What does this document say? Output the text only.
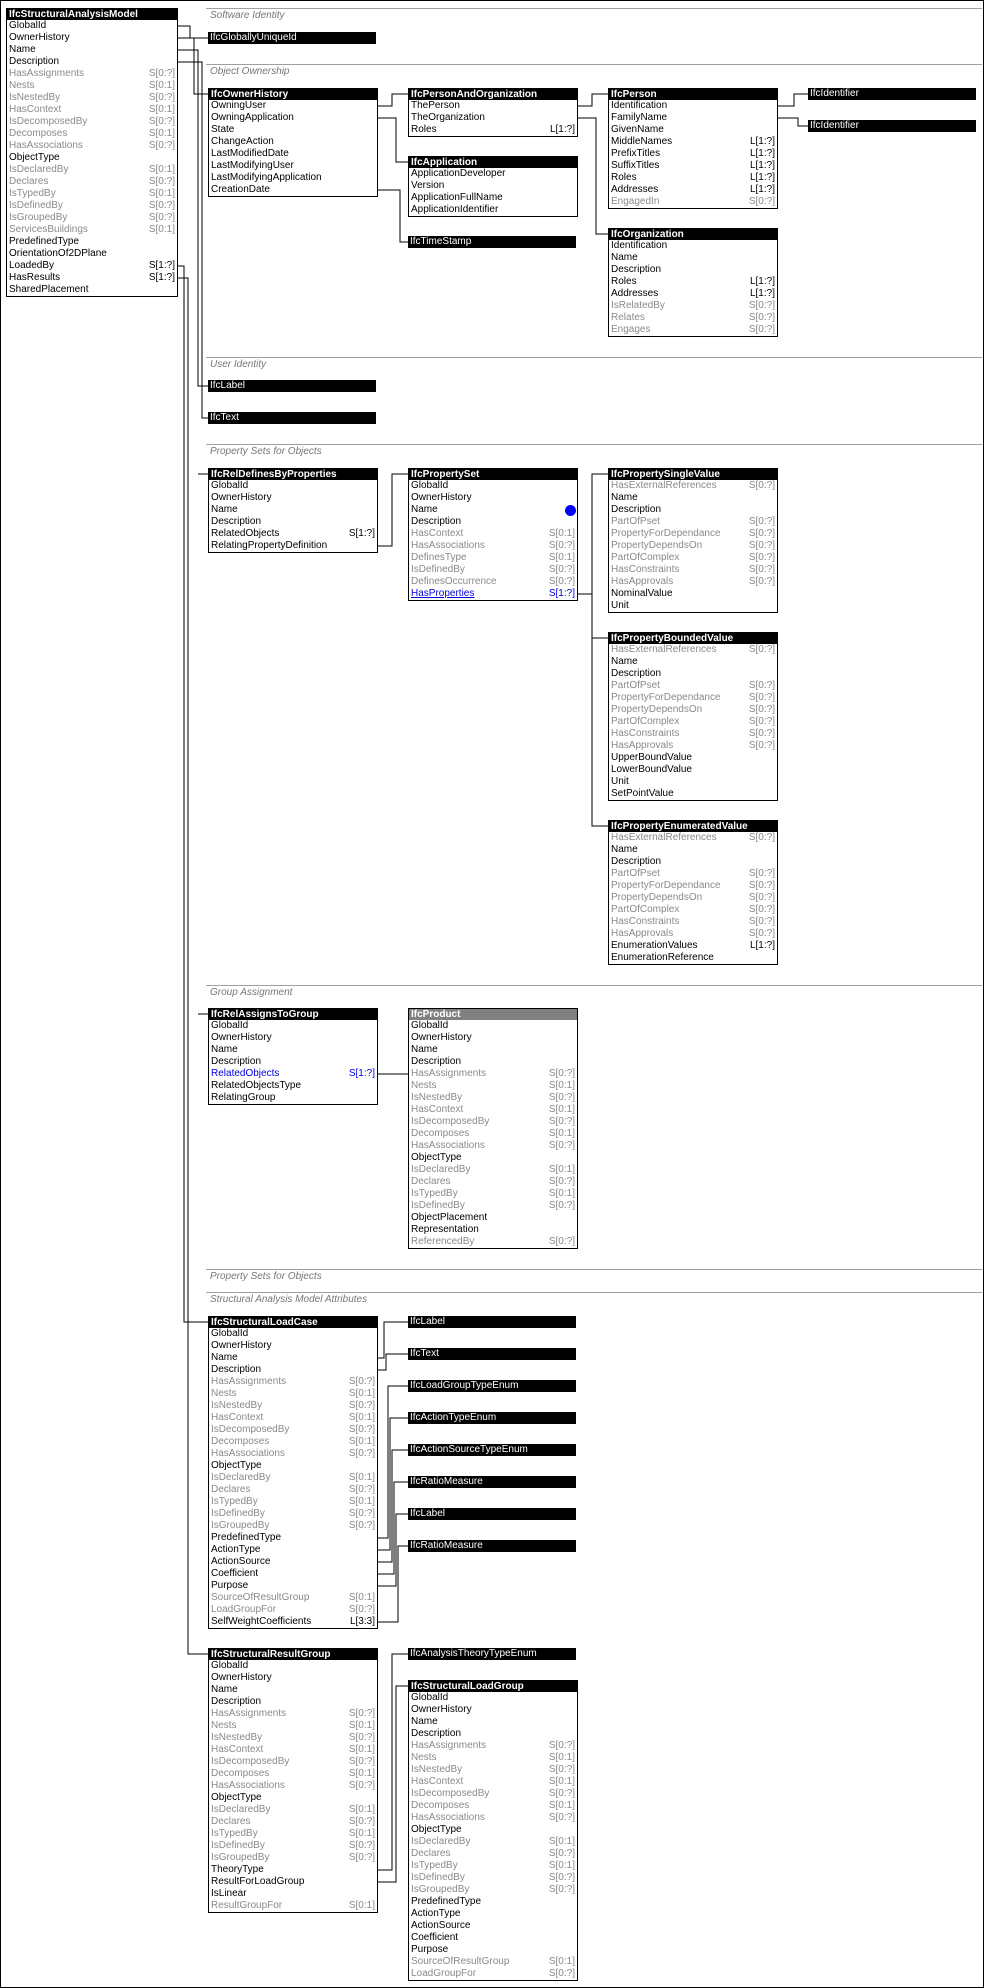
Software Identity
Object Ownership
User Identity
Property Sets for Objects
Group Assignment
Property Sets for Objects
Structural Analysis Model Attributes
IfcStructuralAnalysisModel
GlobalId
OwnerHistory
Name
Description
HasAssignments	S[0:?]
Nests	S[0:1]
IsNestedBy	S[0:?]
HasContext	S[0:1]
IsDecomposedBy	S[0:?]
Decomposes	S[0:1]
HasAssociations	S[0:?]
ObjectType
IsDeclaredBy	S[0:1]
Declares	S[0:?]
IsTypedBy	S[0:1]
IsDefinedBy	S[0:?]
IsGroupedBy	S[0:?]
ServicesBuildings	S[0:1]
PredefinedType
OrientationOf2DPlane
LoadedBy	S[1:?]
HasResults	S[1:?]
SharedPlacement
IfcOwnerHistory
OwningUser
OwningApplication
State
ChangeAction
LastModifiedDate
LastModifyingUser
LastModifyingApplication
CreationDate
IfcPersonAndOrganization
ThePerson
TheOrganization
Roles	L[1:?]
IfcApplication
ApplicationDeveloper
Version
ApplicationFullName
ApplicationIdentifier
IfcPerson
Identification
FamilyName
GivenName
MiddleNames	L[1:?]
PrefixTitles	L[1:?]
SuffixTitles	L[1:?]
Roles	L[1:?]
Addresses	L[1:?]
EngagedIn	S[0:?]
IfcOrganization
Identification
Name
Description
Roles	L[1:?]
Addresses	L[1:?]
IsRelatedBy	S[0:?]
Relates	S[0:?]
Engages	S[0:?]
IfcRelDefinesByProperties
GlobalId
OwnerHistory
Name
Description
RelatedObjects	S[1:?]
RelatingPropertyDefinition
IfcPropertySet
GlobalId
OwnerHistory
Name
Description
HasContext	S[0:1]
HasAssociations	S[0:?]
DefinesType	S[0:1]
IsDefinedBy	S[0:?]
DefinesOccurrence	S[0:?]
HasProperties	S[1:?]
IfcPropertySingleValue
HasExternalReferences	S[0:?]
Name
Description
PartOfPset	S[0:?]
PropertyForDependance	S[0:?]
PropertyDependsOn	S[0:?]
PartOfComplex	S[0:?]
HasConstraints	S[0:?]
HasApprovals	S[0:?]
NominalValue
Unit
IfcPropertyBoundedValue
HasExternalReferences	S[0:?]
Name
Description
PartOfPset	S[0:?]
PropertyForDependance	S[0:?]
PropertyDependsOn	S[0:?]
PartOfComplex	S[0:?]
HasConstraints	S[0:?]
HasApprovals	S[0:?]
UpperBoundValue
LowerBoundValue
Unit
SetPointValue
IfcPropertyEnumeratedValue
HasExternalReferences	S[0:?]
Name
Description
PartOfPset	S[0:?]
PropertyForDependance	S[0:?]
PropertyDependsOn	S[0:?]
PartOfComplex	S[0:?]
HasConstraints	S[0:?]
HasApprovals	S[0:?]
EnumerationValues	L[1:?]
EnumerationReference
IfcRelAssignsToGroup
GlobalId
OwnerHistory
Name
Description
RelatedObjects	S[1:?]
RelatedObjectsType
RelatingGroup
IfcProduct
GlobalId
OwnerHistory
Name
Description
HasAssignments	S[0:?]
Nests	S[0:1]
IsNestedBy	S[0:?]
HasContext	S[0:1]
IsDecomposedBy	S[0:?]
Decomposes	S[0:1]
HasAssociations	S[0:?]
ObjectType
IsDeclaredBy	S[0:1]
Declares	S[0:?]
IsTypedBy	S[0:1]
IsDefinedBy	S[0:?]
ObjectPlacement
Representation
ReferencedBy	S[0:?]
IfcStructuralLoadCase
GlobalId
OwnerHistory
Name
Description
HasAssignments	S[0:?]
Nests	S[0:1]
IsNestedBy	S[0:?]
HasContext	S[0:1]
IsDecomposedBy	S[0:?]
Decomposes	S[0:1]
HasAssociations	S[0:?]
ObjectType
IsDeclaredBy	S[0:1]
Declares	S[0:?]
IsTypedBy	S[0:1]
IsDefinedBy	S[0:?]
IsGroupedBy	S[0:?]
PredefinedType
ActionType
ActionSource
Coefficient
Purpose
SourceOfResultGroup	S[0:1]
LoadGroupFor	S[0:?]
SelfWeightCoefficients	L[3:3]
IfcStructuralResultGroup
GlobalId
OwnerHistory
Name
Description
HasAssignments	S[0:?]
Nests	S[0:1]
IsNestedBy	S[0:?]
HasContext	S[0:1]
IsDecomposedBy	S[0:?]
Decomposes	S[0:1]
HasAssociations	S[0:?]
ObjectType
IsDeclaredBy	S[0:1]
Declares	S[0:?]
IsTypedBy	S[0:1]
IsDefinedBy	S[0:?]
IsGroupedBy	S[0:?]
TheoryType
ResultForLoadGroup
IsLinear
ResultGroupFor	S[0:1]
IfcStructuralLoadGroup
GlobalId
OwnerHistory
Name
Description
HasAssignments	S[0:?]
Nests	S[0:1]
IsNestedBy	S[0:?]
HasContext	S[0:1]
IsDecomposedBy	S[0:?]
Decomposes	S[0:1]
HasAssociations	S[0:?]
ObjectType
IsDeclaredBy	S[0:1]
Declares	S[0:?]
IsTypedBy	S[0:1]
IsDefinedBy	S[0:?]
IsGroupedBy	S[0:?]
PredefinedType
ActionType
ActionSource
Coefficient
Purpose
SourceOfResultGroup	S[0:1]
LoadGroupFor	S[0:?]
IfcGloballyUniqueId
IfcTimeStamp
IfcIdentifier
IfcIdentifier
IfcLabel
IfcText
IfcLabel
IfcText
IfcLoadGroupTypeEnum
IfcActionTypeEnum
IfcActionSourceTypeEnum
IfcRatioMeasure
IfcLabel
IfcRatioMeasure
IfcAnalysisTheoryTypeEnum
